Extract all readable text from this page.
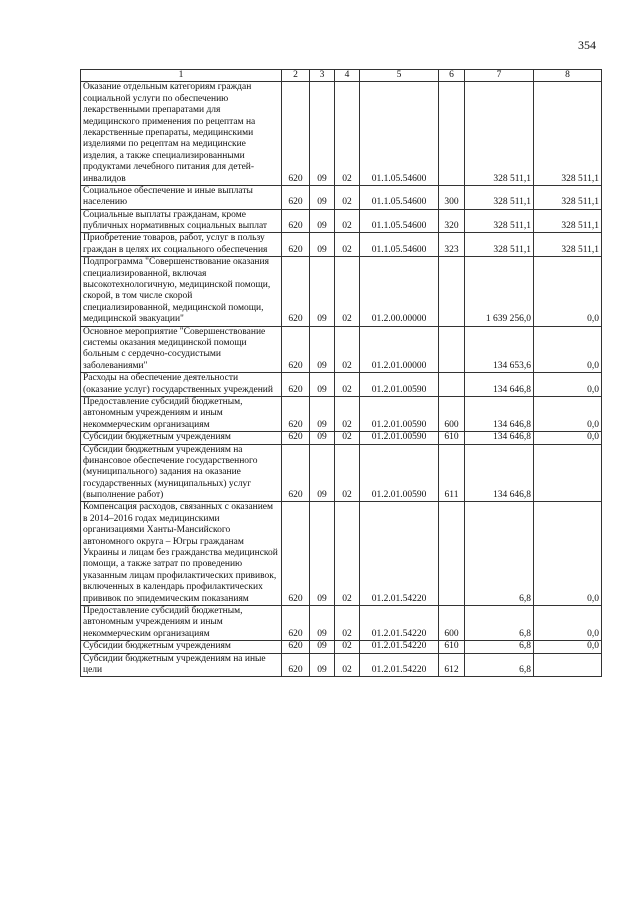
354
1	2	3	4	5	6	7	8
Оказание отдельным категориям граждан социальной услуги по обеспечению лекарственными препаратами для медицинского применения по рецептам на лекарственные препараты, медицинскими изделиями по рецептам на медицинские изделия, а также специализированными продуктами лечебного питания для детей-инвалидов	620	09	02	01.1.05.54600		328 511,1	328 511,1
Социальное обеспечение и иные выплаты населению	620	09	02	01.1.05.54600	300	328 511,1	328 511,1
Социальные выплаты гражданам, кроме публичных нормативных социальных выплат	620	09	02	01.1.05.54600	320	328 511,1	328 511,1
Приобретение товаров, работ, услуг в пользу граждан в целях их социального обеспечения	620	09	02	01.1.05.54600	323	328 511,1	328 511,1
Подпрограмма "Совершенствование оказания специализированной, включая высокотехнологичную, медицинской помощи, скорой, в том числе скорой специализированной, медицинской помощи, медицинской эвакуации"	620	09	02	01.2.00.00000		1 639 256,0	0,0
Основное мероприятие "Совершенствование системы оказания медицинской помощи больным с сердечно-сосудистыми заболеваниями"	620	09	02	01.2.01.00000		134 653,6	0,0
Расходы на обеспечение деятельности (оказание услуг) государственных учреждений	620	09	02	01.2.01.00590		134 646,8	0,0
Предоставление субсидий бюджетным, автономным учреждениям и иным некоммерческим организациям	620	09	02	01.2.01.00590	600	134 646,8	0,0
Субсидии бюджетным учреждениям	620	09	02	01.2.01.00590	610	134 646,8	0,0
Субсидии бюджетным учреждениям на финансовое обеспечение государственного (муниципального) задания на оказание государственных (муниципальных) услуг (выполнение работ)	620	09	02	01.2.01.00590	611	134 646,8	
Компенсация расходов, связанных с оказанием в 2014–2016 годах медицинскими организациями Ханты-Мансийского автономного округа – Югры гражданам Украины и лицам без гражданства медицинской помощи, а также затрат по проведению указанным лицам профилактических прививок, включенных в календарь профилактических прививок по эпидемическим показаниям	620	09	02	01.2.01.54220		6,8	0,0
Предоставление субсидий бюджетным, автономным учреждениям и иным некоммерческим организациям	620	09	02	01.2.01.54220	600	6,8	0,0
Субсидии бюджетным учреждениям	620	09	02	01.2.01.54220	610	6,8	0,0
Субсидии бюджетным учреждениям на иные цели	620	09	02	01.2.01.54220	612	6,8	
